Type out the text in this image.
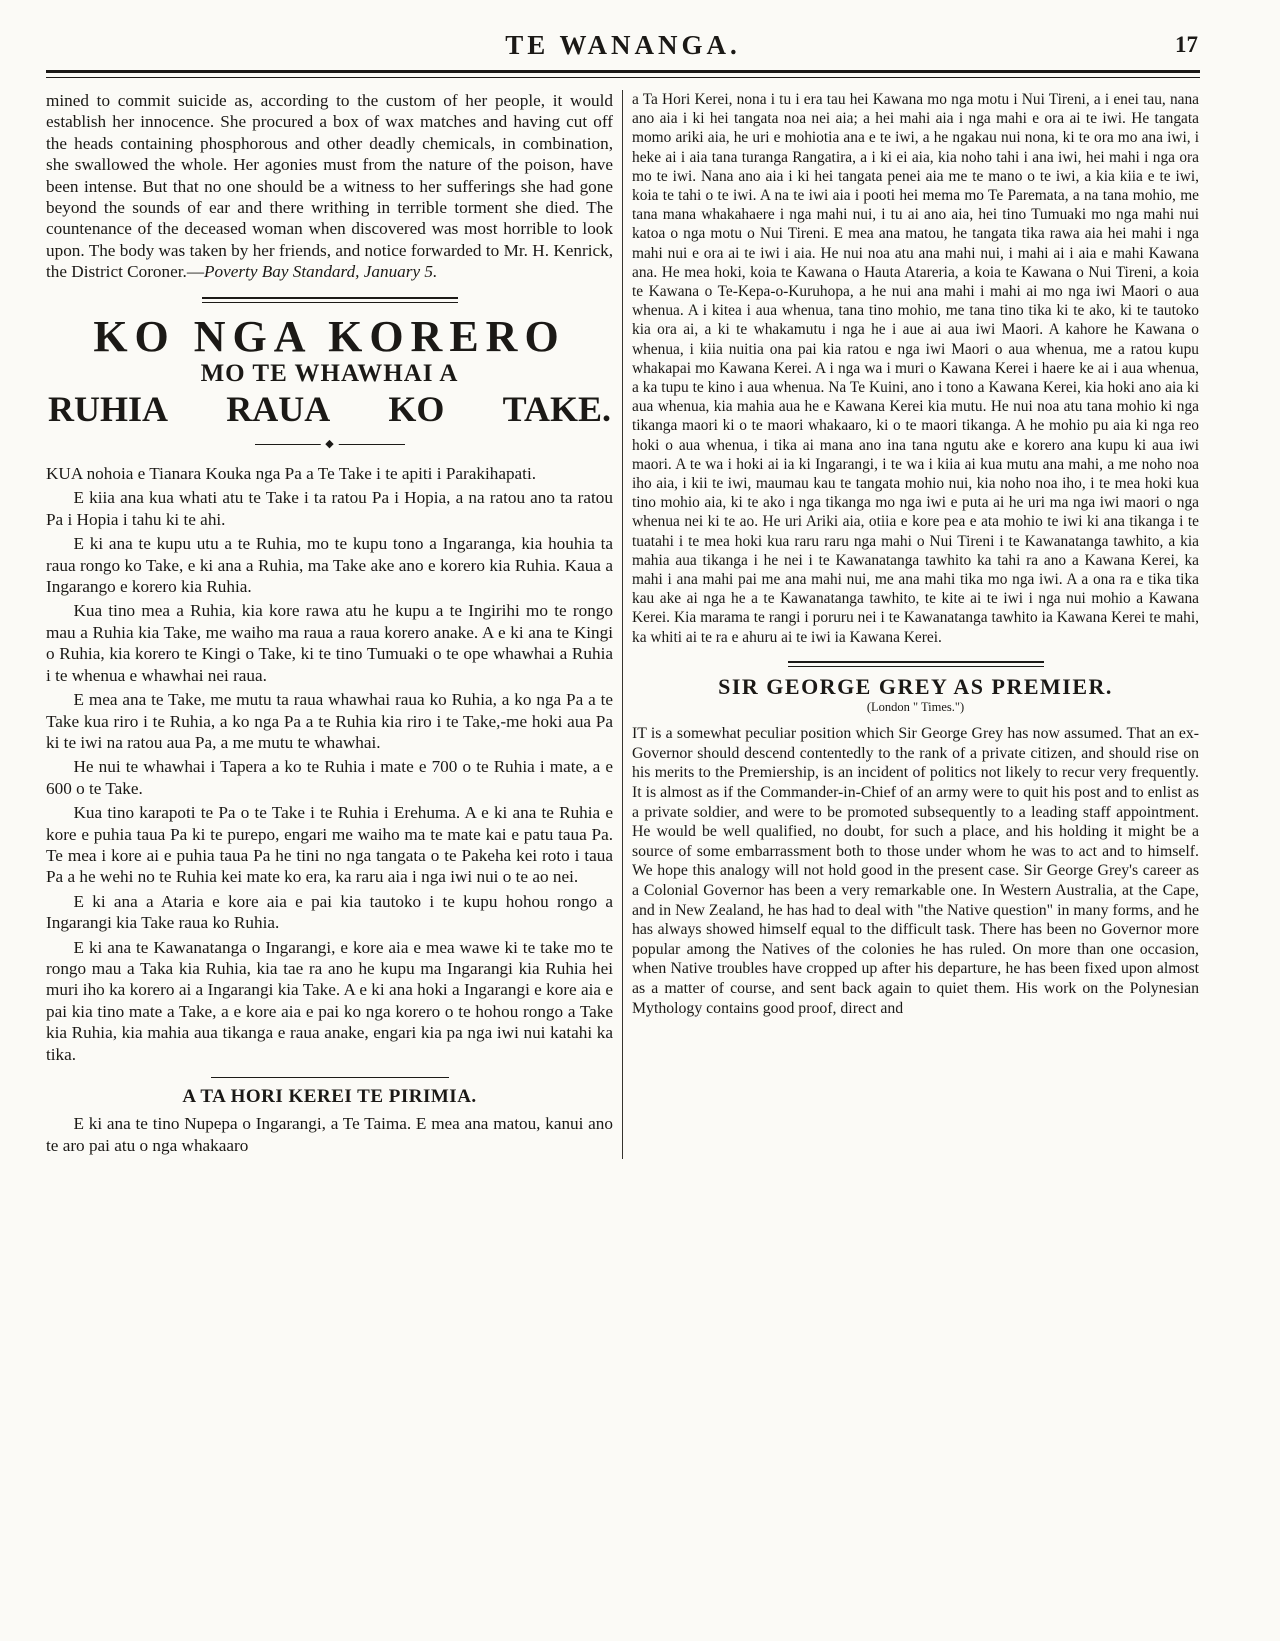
TE WANANGA.	17

mined to commit suicide as, according to the custom of her people, it would establish her innocence. She procured a box of wax matches and having cut off the heads containing phosphorous and other deadly chemicals, in combination, she swallowed the whole. Her agonies must from the nature of the poison, have been intense. But that no one should be a witness to her sufferings she had gone beyond the sounds of ear and there writhing in terrible torment she died. The countenance of the deceased woman when discovered was most horrible to look upon. The body was taken by her friends, and notice forwarded to Mr. H. Kenrick, the District Coroner.—Poverty Bay Standard, January 5.

KO NGA KORERO
MO TE WHAWHAI A
RUHIA RAUA KO TAKE.
◆

KUA nohoia e Tianara Kouka nga Pa a Te Take i te apiti i Parakihapati.

E kiia ana kua whati atu te Take i ta ratou Pa i Hopia, a na ratou ano ta ratou Pa i Hopia i tahu ki te ahi.

E ki ana te kupu utu a te Ruhia, mo te kupu tono a Ingaranga, kia houhia ta raua rongo ko Take, e ki ana a Ruhia, ma Take ake ano e korero kia Ruhia. Kaua a Ingarango e korero kia Ruhia.

Kua tino mea a Ruhia, kia kore rawa atu he kupu a te Ingirihi mo te rongo mau a Ruhia kia Take, me waiho ma raua a raua korero anake. A e ki ana te Kingi o Ruhia, kia korero te Kingi o Take, ki te tino Tumuaki o te ope whawhai a Ruhia i te whenua e whawhai nei raua.

E mea ana te Take, me mutu ta raua whawhai raua ko Ruhia, a ko nga Pa a te Take kua riro i te Ruhia, a ko nga Pa a te Ruhia kia riro i te Take,-me hoki aua Pa ki te iwi na ratou aua Pa, a me mutu te whawhai.

He nui te whawhai i Tapera a ko te Ruhia i mate e 700 o te Ruhia i mate, a e 600 o te Take.

Kua tino karapoti te Pa o te Take i te Ruhia i Erehuma. A e ki ana te Ruhia e kore e puhia taua Pa ki te purepo, engari me waiho ma te mate kai e patu taua Pa. Te mea i kore ai e puhia taua Pa he tini no nga tangata o te Pakeha kei roto i taua Pa a he wehi no te Ruhia kei mate ko era, ka raru aia i nga iwi nui o te ao nei.

E ki ana a Ataria e kore aia e pai kia tautoko i te kupu hohou rongo a Ingarangi kia Take raua ko Ruhia.

E ki ana te Kawanatanga o Ingarangi, e kore aia e mea wawe ki te take mo te rongo mau a Taka kia Ruhia, kia tae ra ano he kupu ma Ingarangi kia Ruhia hei muri iho ka korero ai a Ingarangi kia Take. A e ki ana hoki a Ingarangi e kore aia e pai kia tino mate a Take, a e kore aia e pai ko nga korero o te hohou rongo a Take kia Ruhia, kia mahia aua tikanga e raua anake, engari kia pa nga iwi nui katahi ka tika.

A TA HORI KEREI TE PIRIMIA.

E ki ana te tino Nupepa o Ingarangi, a Te Taima. E mea ana matou, kanui ano te aro pai atu o nga whakaaro

a Ta Hori Kerei, nona i tu i era tau hei Kawana mo nga motu i Nui Tireni, a i enei tau, nana ano aia i ki hei tangata noa nei aia; a hei mahi aia i nga mahi e ora ai te iwi. He tangata momo ariki aia, he uri e mohiotia ana e te iwi, a he ngakau nui nona, ki te ora mo ana iwi, i heke ai i aia tana turanga Rangatira, a i ki ei aia, kia noho tahi i ana iwi, hei mahi i nga ora mo te iwi. Nana ano aia i ki hei tangata penei aia me te mano o te iwi, a kia kiia e te iwi, koia te tahi o te iwi. A na te iwi aia i pooti hei mema mo Te Paremata, a na tana mohio, me tana mana whakahaere i nga mahi nui, i tu ai ano aia, hei tino Tumuaki mo nga mahi nui katoa o nga motu o Nui Tireni. E mea ana matou, he tangata tika rawa aia hei mahi i nga mahi nui e ora ai te iwi i aia. He nui noa atu ana mahi nui, i mahi ai i aia e mahi Kawana ana. He mea hoki, koia te Kawana o Hauta Atareria, a koia te Kawana o Nui Tireni, a koia te Kawana o Te-Kepa-o-Kuruhopa, a he nui ana mahi i mahi ai mo nga iwi Maori o aua whenua. A i kitea i aua whenua, tana tino mohio, me tana tino tika ki te ako, ki te tautoko kia ora ai, a ki te whakamutu i nga he i aue ai aua iwi Maori. A kahore he Kawana o whenua, i kiia nuitia ona pai kia ratou e nga iwi Maori o aua whenua, me a ratou kupu whakapai mo Kawana Kerei. A i nga wa i muri o Kawana Kerei i haere ke ai i aua whenua, a ka tupu te kino i aua whenua. Na Te Kuini, ano i tono a Kawana Kerei, kia hoki ano aia ki aua whenua, kia mahia aua he e Kawana Kerei kia mutu. He nui noa atu tana mohio ki nga tikanga maori ki o te maori whakaaro, ki o te maori tikanga. A he mohio pu aia ki nga reo hoki o aua whenua, i tika ai mana ano ina tana ngutu ake e korero ana kupu ki aua iwi maori. A te wa i hoki ai ia ki Ingarangi, i te wa i kiia ai kua mutu ana mahi, a me noho noa iho aia, i kii te iwi, maumau kau te tangata mohio nui, kia noho noa iho, i te mea hoki kua tino mohio aia, ki te ako i nga tikanga mo nga iwi e puta ai he uri ma nga iwi maori o nga whenua nei ki te ao. He uri Ariki aia, otiia e kore pea e ata mohio te iwi ki ana tikanga i te tuatahi i te mea hoki kua raru raru nga mahi o Nui Tireni i te Kawanatanga tawhito, a kia mahia aua tikanga i he nei i te Kawanatanga tawhito ka tahi ra ano a Kawana Kerei, ka mahi i ana mahi pai me ana mahi nui, me ana mahi tika mo nga iwi. A a ona ra e tika tika kau ake ai nga he a te Kawanatanga tawhito, te kite ai te iwi i nga nui mohio a Kawana Kerei. Kia marama te rangi i poruru nei i te Kawanatanga tawhito ia Kawana Kerei te mahi, ka whiti ai te ra e ahuru ai te iwi ia Kawana Kerei.

SIR GEORGE GREY AS PREMIER.
(London " Times.")

IT is a somewhat peculiar position which Sir George Grey has now assumed. That an ex-Governor should descend contentedly to the rank of a private citizen, and should rise on his merits to the Premiership, is an incident of politics not likely to recur very frequently. It is almost as if the Commander-in-Chief of an army were to quit his post and to enlist as a private soldier, and were to be promoted subsequently to a leading staff appointment. He would be well qualified, no doubt, for such a place, and his holding it might be a source of some embarrassment both to those under whom he was to act and to himself. We hope this analogy will not hold good in the present case. Sir George Grey's career as a Colonial Governor has been a very remarkable one. In Western Australia, at the Cape, and in New Zealand, he has had to deal with "the Native question" in many forms, and he has always showed himself equal to the difficult task. There has been no Governor more popular among the Natives of the colonies he has ruled. On more than one occasion, when Native troubles have cropped up after his departure, he has been fixed upon almost as a matter of course, and sent back again to quiet them. His work on the Polynesian Mythology contains good proof, direct and
